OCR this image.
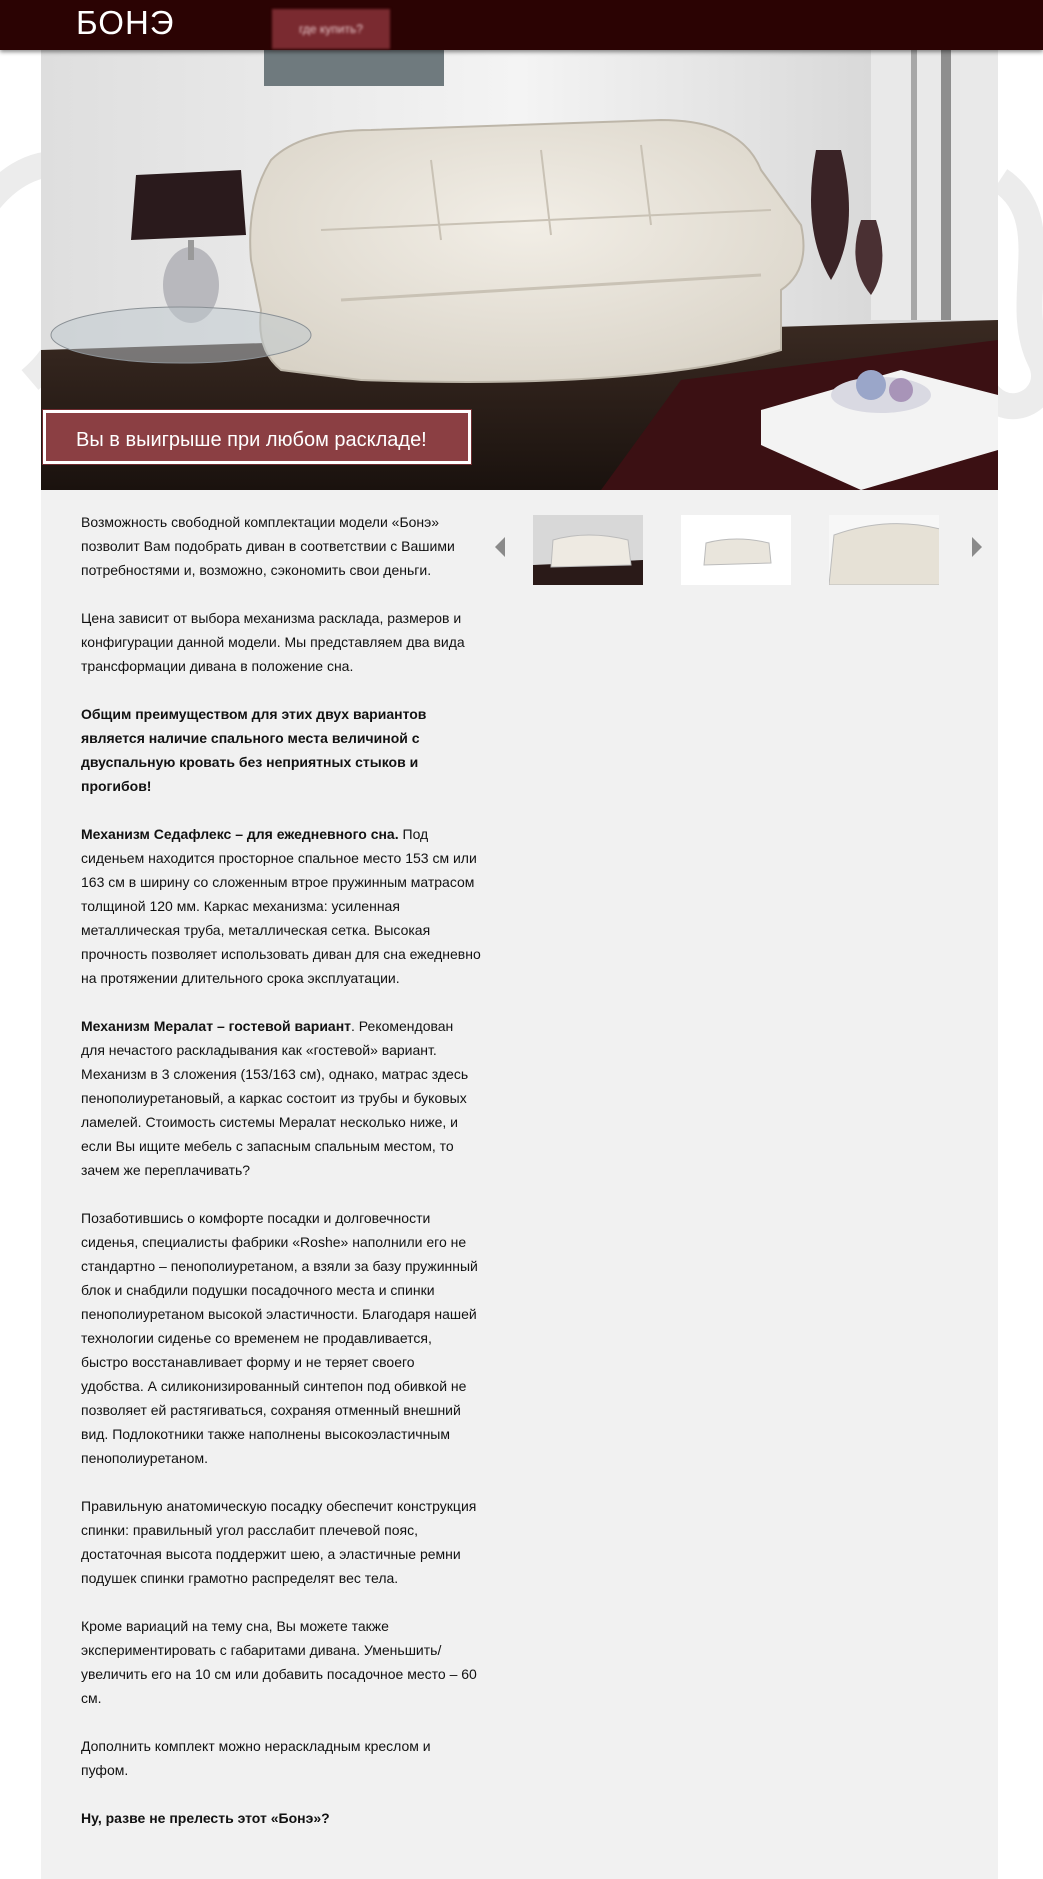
БОНЭ	где купить?
Вы в выигрыше при любом раскладе!

Возможность свободной комплектации модели «Бонэ» позволит Вам подобрать диван в соответствии с Вашими потребностями и, возможно, сэкономить свои деньги.

Цена зависит от выбора механизма расклада, размеров и конфигурации данной модели. Мы представляем два вида трансформации дивана в положение сна.

Общим преимуществом для этих двух вариантов является наличие спального места величиной с двуспальную кровать без неприятных стыков и прогибов!

Механизм Седафлекс – для ежедневного сна. Под сиденьем находится просторное спальное место 153 см или 163 см в ширину со сложенным втрое пружинным матрасом толщиной 120 мм. Каркас механизма: усиленная металлическая труба, металлическая сетка. Высокая прочность позволяет использовать диван для сна ежедневно на протяжении длительного срока эксплуатации.

Механизм Мералат – гостевой вариант. Рекомендован для нечастого раскладывания как «гостевой» вариант. Механизм в 3 сложения (153/163 см), однако, матрас здесь пенополиуретановый, а каркас состоит из трубы и буковых ламелей. Стоимость системы Мералат несколько ниже, и если Вы ищите мебель с запасным спальным местом, то зачем же переплачивать?

Позаботившись о комфорте посадки и долговечности сиденья, специалисты фабрики «Roshe» наполнили его не стандартно – пенополиуретаном, а взяли за базу пружинный блок и снабдили подушки посадочного места и спинки пенополиуретаном высокой эластичности. Благодаря нашей технологии сиденье со временем не продавливается, быстро восстанавливает форму и не теряет своего удобства. А силиконизированный синтепон под обивкой не позволяет ей растягиваться, сохраняя отменный внешний вид. Подлокотники также наполнены высокоэластичным пенополиуретаном.

Правильную анатомическую посадку обеспечит конструкция спинки: правильный угол расслабит плечевой пояс, достаточная высота поддержит шею, а эластичные ремни подушек спинки грамотно распределят вес тела.

Кроме вариаций на тему сна, Вы можете также экспериментировать с габаритами дивана. Уменьшить/увеличить его на 10 см или добавить посадочное место – 60 см.

Дополнить комплект можно нераскладным креслом и пуфом.

Ну, разве не прелесть этот «Бонэ»?
